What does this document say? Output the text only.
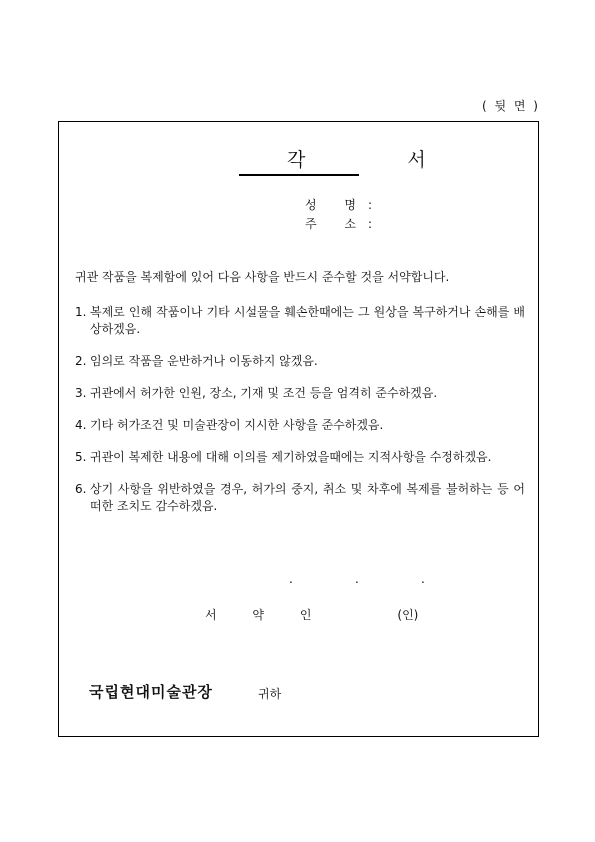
( 뒷 면 )
각 서
성 명:
주 소:
귀관 작품을 복제함에 있어 다음 사항을 반드시 준수할 것을 서약합니다.
1. 복제로 인해 작품이나 기타 시설물을 훼손한때에는 그 원상을 복구하거나 손해를 배상하겠음.
2. 임의로 작품을 운반하거나 이동하지 않겠음.
3. 귀관에서 허가한 인원, 장소, 기재 및 조건 등을 엄격히 준수하겠음.
4. 기타 허가조건 및 미술관장이 지시한 사항을 준수하겠음.
5. 귀관이 복제한 내용에 대해 이의를 제기하였을때에는 지적사항을 수정하겠음.
6. 상기 사항을 위반하였을 경우, 허가의 중지, 취소 및 차후에 복제를 불허하는 등 어떠한 조치도 감수하겠음.
.	.	.
서 약 인	(인)
국립현대미술관장	귀하
